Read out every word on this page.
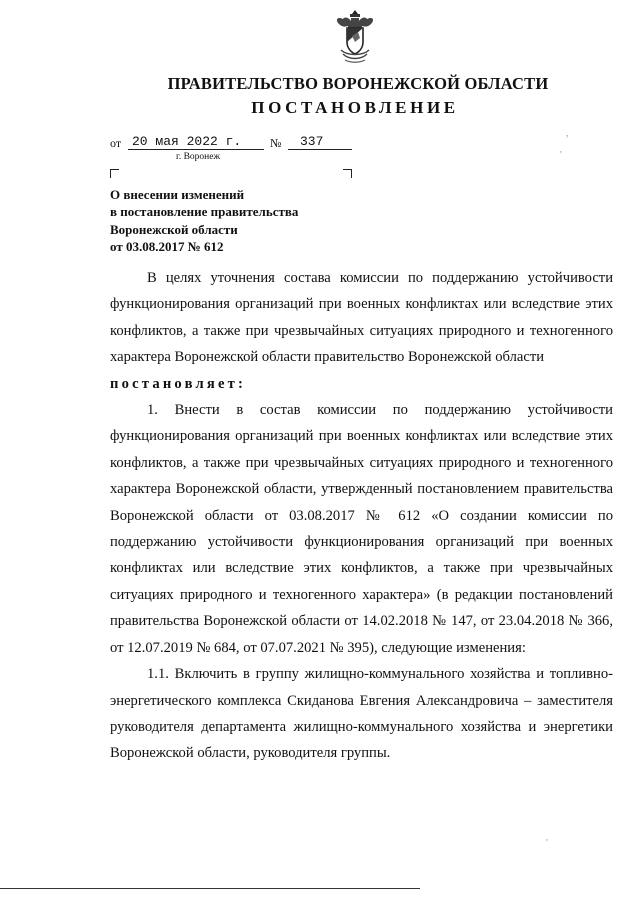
ПРАВИТЕЛЬСТВО ВОРОНЕЖСКОЙ ОБЛАСТИ
ПОСТАНОВЛЕНИЕ
от 20 мая 2022 г. № 337
г. Воронеж
О внесении изменений
в постановление правительства
Воронежской области
от 03.08.2017 № 612

В целях уточнения состава комиссии по поддержанию устойчивости функционирования организаций при военных конфликтах или вследствие этих конфликтов, а также при чрезвычайных ситуациях природного и техногенного характера Воронежской области правительство Воронежской области

постановляет:

1. Внести в состав комиссии по поддержанию устойчивости функционирования организаций при военных конфликтах или вследствие этих конфликтов, а также при чрезвычайных ситуациях природного и техногенного характера Воронежской области, утвержденный постановлением правительства Воронежской области от 03.08.2017 № 612 «О создании комиссии по поддержанию устойчивости функционирования организаций при военных конфликтах или вследствие этих конфликтов, а также при чрезвычайных ситуациях природного и техногенного характера» (в редакции постановлений правительства Воронежской области от 14.02.2018 № 147, от 23.04.2018 № 366, от 12.07.2019 № 684, от 07.07.2021 № 395), следующие изменения:

1.1. Включить в группу жилищно-коммунального хозяйства и топливно-энергетического комплекса Скиданова Евгения Александровича – заместителя руководителя департамента жилищно-коммунального хозяйства и энергетики Воронежской области, руководителя группы.

,
'
'
